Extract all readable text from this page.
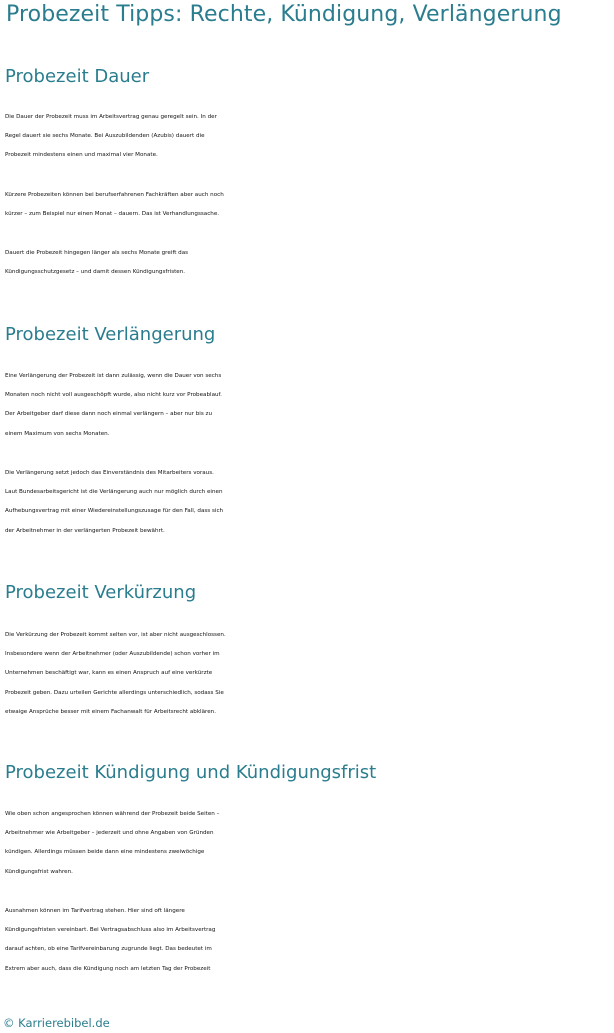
Probezeit Tipps: Rechte, Kündigung, Verlängerung
Probezeit Dauer

Die Dauer der Probezeit muss im Arbeitsvertrag genau geregelt sein. In der
Regel dauert sie sechs Monate. Bei Auszubildenden (Azubis) dauert die
Probezeit mindestens einen und maximal vier Monate.

Kürzere Probezeiten können bei berufserfahrenen Fachkräften aber auch noch
kürzer – zum Beispiel nur einen Monat – dauern. Das ist Verhandlungssache.

Dauert die Probezeit hingegen länger als sechs Monate greift das
Kündigungsschutzgesetz – und damit dessen Kündigungsfristen.

Probezeit Verlängerung

Eine Verlängerung der Probezeit ist dann zulässig, wenn die Dauer von sechs
Monaten noch nicht voll ausgeschöpft wurde, also nicht kurz vor Probeablauf.
Der Arbeitgeber darf diese dann noch einmal verlängern – aber nur bis zu
einem Maximum von sechs Monaten.

Die Verlängerung setzt jedoch das Einverständnis des Mitarbeiters voraus.
Laut Bundesarbeitsgericht ist die Verlängerung auch nur möglich durch einen
Aufhebungsvertrag mit einer Wiedereinstellungszusage für den Fall, dass sich
der Arbeitnehmer in der verlängerten Probezeit bewährt.

Probezeit Verkürzung

Die Verkürzung der Probezeit kommt selten vor, ist aber nicht ausgeschlossen.
Insbesondere wenn der Arbeitnehmer (oder Auszubildende) schon vorher im
Unternehmen beschäftigt war, kann es einen Anspruch auf eine verkürzte
Probezeit geben. Dazu urteilen Gerichte allerdings unterschiedlich, sodass Sie
etwaige Ansprüche besser mit einem Fachanwalt für Arbeitsrecht abklären.

Probezeit Kündigung und Kündigungsfrist

Wie oben schon angesprochen können während der Probezeit beide Seiten –
Arbeitnehmer wie Arbeitgeber – jederzeit und ohne Angaben von Gründen
kündigen. Allerdings müssen beide dann eine mindestens zweiwöchige
Kündigungsfrist wahren.

Ausnahmen können im Tarifvertrag stehen. Hier sind oft längere
Kündigungsfristen vereinbart. Bei Vertragsabschluss also im Arbeitsvertrag
darauf achten, ob eine Tarifvereinbarung zugrunde liegt. Das bedeutet im
Extrem aber auch, dass die Kündigung noch am letzten Tag der Probezeit

© Karrierebibel.de
